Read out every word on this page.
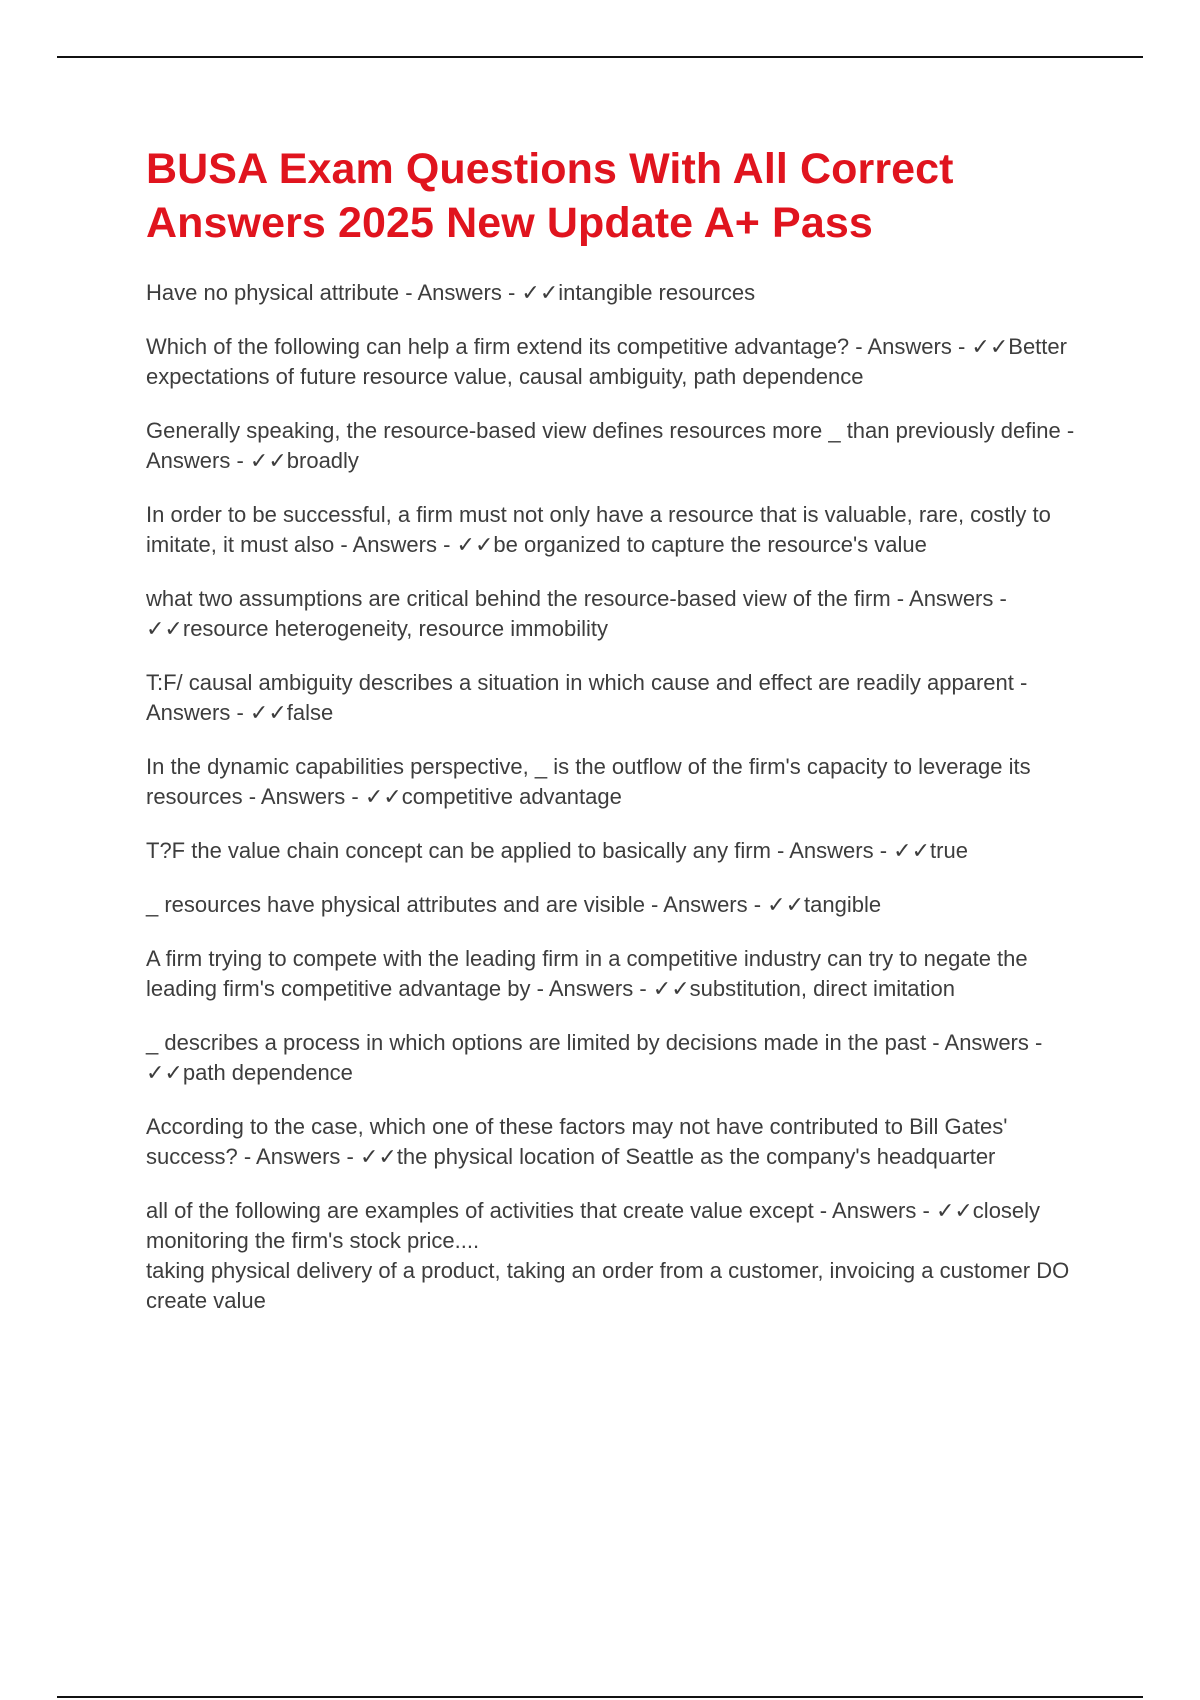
BUSA Exam Questions With All Correct Answers 2025 New Update A+ Pass

Have no physical attribute - Answers - ✓✓intangible resources

Which of the following can help a firm extend its competitive advantage? - Answers - ✓✓Better expectations of future resource value, causal ambiguity, path dependence

Generally speaking, the resource-based view defines resources more _ than previously define - Answers - ✓✓broadly

In order to be successful, a firm must not only have a resource that is valuable, rare, costly to imitate, it must also - Answers - ✓✓be organized to capture the resource's value

what two assumptions are critical behind the resource-based view of the firm - Answers - ✓✓resource heterogeneity, resource immobility

T:F/ causal ambiguity describes a situation in which cause and effect are readily apparent - Answers - ✓✓false

In the dynamic capabilities perspective, _ is the outflow of the firm's capacity to leverage its resources - Answers - ✓✓competitive advantage

T?F the value chain concept can be applied to basically any firm - Answers - ✓✓true

_ resources have physical attributes and are visible - Answers - ✓✓tangible

A firm trying to compete with the leading firm in a competitive industry can try to negate the leading firm's competitive advantage by - Answers - ✓✓substitution, direct imitation

_ describes a process in which options are limited by decisions made in the past - Answers - ✓✓path dependence

According to the case, which one of these factors may not have contributed to Bill Gates' success? - Answers - ✓✓the physical location of Seattle as the company's headquarter

all of the following are examples of activities that create value except - Answers - ✓✓closely monitoring the firm's stock price....
taking physical delivery of a product, taking an order from a customer, invoicing a customer DO create value
